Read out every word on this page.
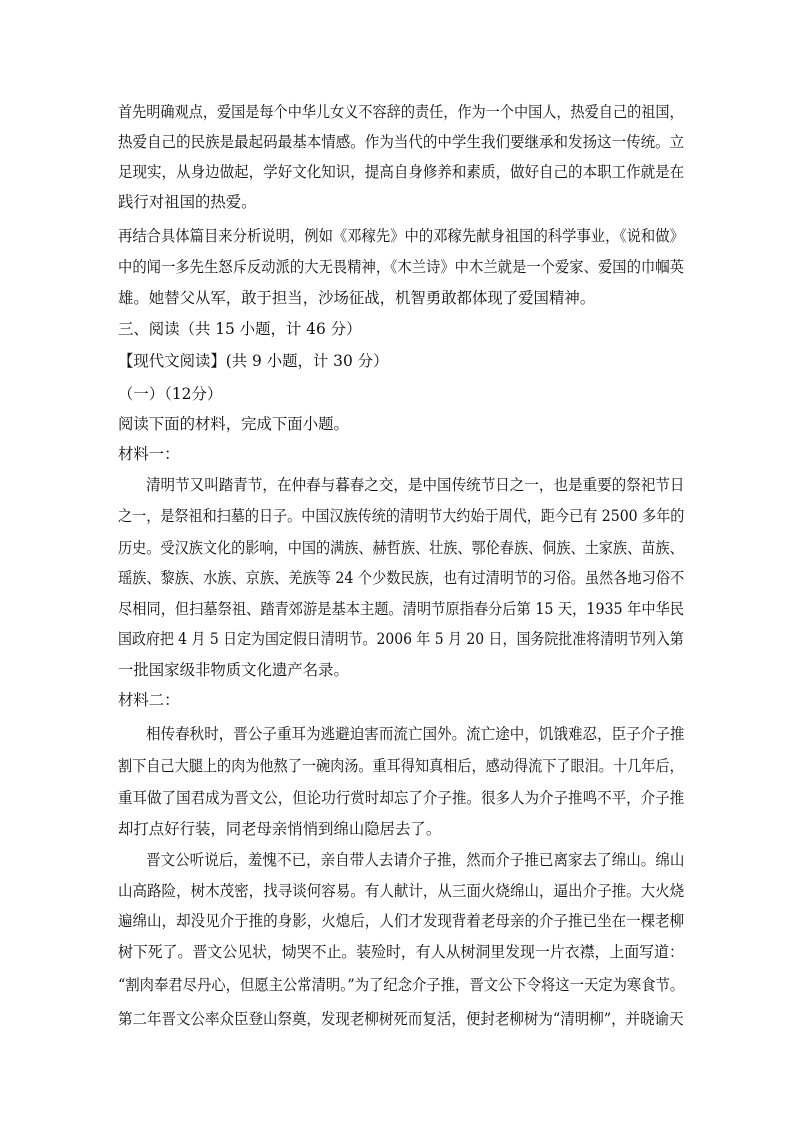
首先明确观点，爱国是每个中华儿女义不容辞的责任，作为一个中国人，热爱自己的祖国，
热爱自己的民族是最起码最基本情感。作为当代的中学生我们要继承和发扬这一传统。立
足现实，从身边做起，学好文化知识，提高自身修养和素质，做好自己的本职工作就是在
践行对祖国的热爱。
再结合具体篇目来分析说明，例如《邓稼先》中的邓稼先献身祖国的科学事业，《说和做》
中的闻一多先生怒斥反动派的大无畏精神，《木兰诗》中木兰就是一个爱家、爱国的巾帼英
雄。她替父从军，敢于担当，沙场征战，机智勇敢都体现了爱国精神。
三、阅读（共 15 小题，计 46 分）
【现代文阅读】(共 9 小题，计 30 分）
（一）（12分）
阅读下面的材料，完成下面小题。
材料一：
清明节又叫踏青节，在仲春与暮春之交，是中国传统节日之一，也是重要的祭祀节日
之一，是祭祖和扫墓的日子。中国汉族传统的清明节大约始于周代，距今已有 2500 多年的
历史。受汉族文化的影响，中国的满族、赫哲族、壮族、鄂伦春族、侗族、土家族、苗族、
瑶族、黎族、水族、京族、羌族等 24 个少数民族，也有过清明节的习俗。虽然各地习俗不
尽相同，但扫墓祭祖、踏青郊游是基本主题。清明节原指春分后第 15 天，1935 年中华民
国政府把 4 月 5 日定为国定假日清明节。2006 年 5 月 20 日，国务院批准将清明节列入第
一批国家级非物质文化遗产名录。
材料二：
相传春秋时，晋公子重耳为逃避迫害而流亡国外。流亡途中，饥饿难忍，臣子介子推
割下自己大腿上的肉为他熬了一碗肉汤。重耳得知真相后，感动得流下了眼泪。十几年后，
重耳做了国君成为晋文公，但论功行赏时却忘了介子推。很多人为介子推鸣不平，介子推
却打点好行装，同老母亲悄悄到绵山隐居去了。
晋文公听说后，羞愧不已，亲自带人去请介子推，然而介子推已离家去了绵山。绵山
山高路险，树木茂密，找寻谈何容易。有人献计，从三面火烧绵山，逼出介子推。大火烧
遍绵山，却没见介于推的身影，火熄后，人们才发现背着老母亲的介子推已坐在一棵老柳
树下死了。晋文公见状，恸哭不止。装殓时，有人从树洞里发现一片衣襟，上面写道：
“割肉奉君尽丹心，但愿主公常清明。”为了纪念介子推，晋文公下令将这一天定为寒食节。
第二年晋文公率众臣登山祭奠，发现老柳树死而复活，便封老柳树为“清明柳”，并晓谕天
